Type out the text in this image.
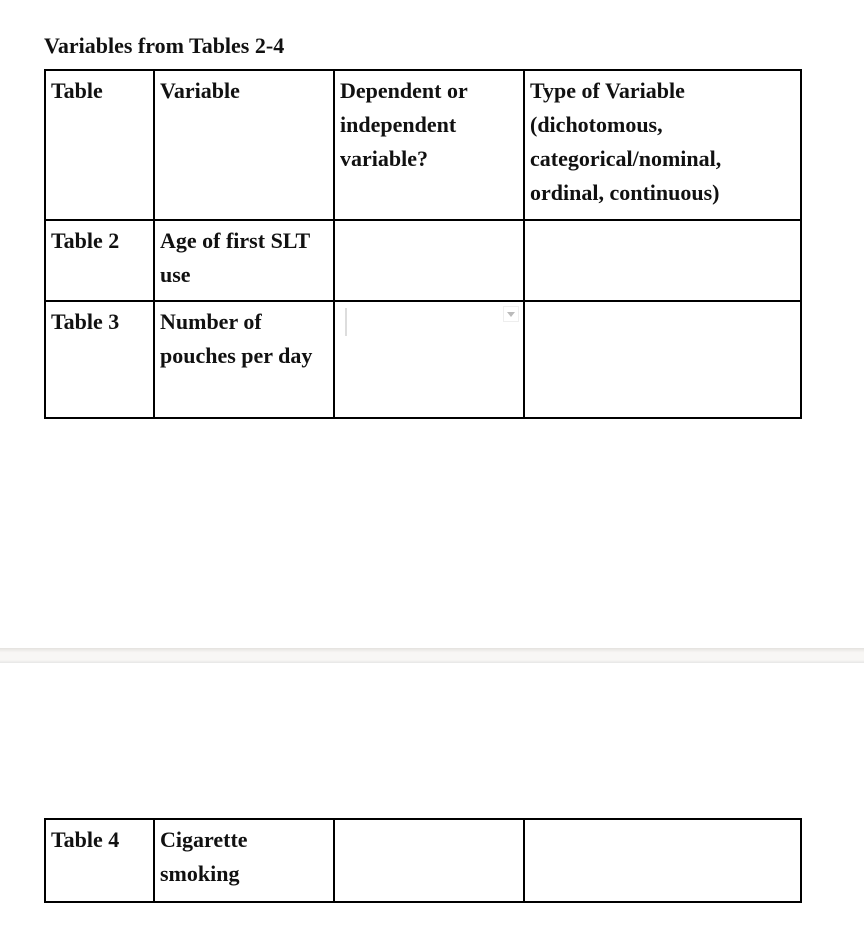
Variables from Tables 2-4
Table	Variable	Dependent or independent variable?	Type of Variable (dichotomous, categorical/nominal, ordinal, continuous)
Table 2	Age of first SLT use		
Table 3	Number of pouches per day	

Table 4	Cigarette smoking		
